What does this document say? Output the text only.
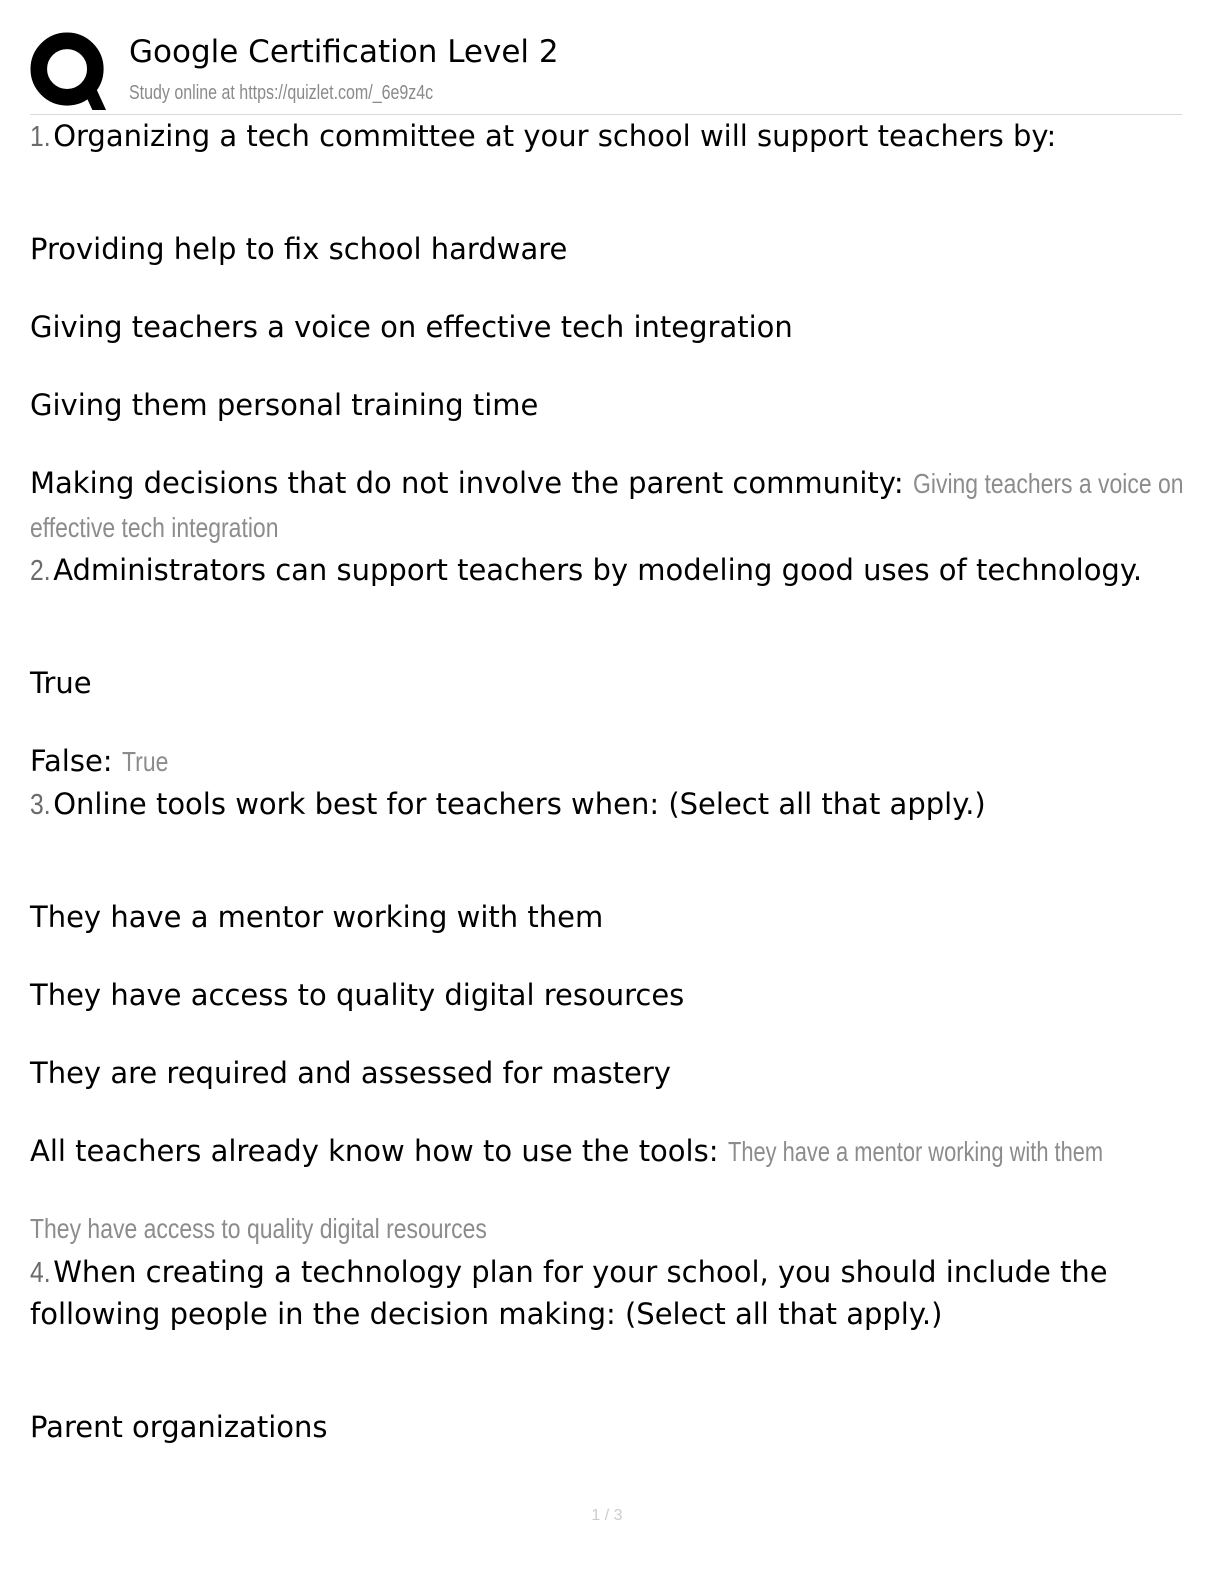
Google Certification Level 2
Study online at https://quizlet.com/_6e9z4c
1.Organizing a tech committee at your school will support teachers by:
Providing help to fix school hardware
Giving teachers a voice on effective tech integration
Giving them personal training time
Making decisions that do not involve the parent community: Giving teachers a voice on
effective tech integration
2.Administrators can support teachers by modeling good uses of technology.
True
False: True
3.Online tools work best for teachers when: (Select all that apply.)
They have a mentor working with them
They have access to quality digital resources
They are required and assessed for mastery
All teachers already know how to use the tools: They have a mentor working with them
They have access to quality digital resources
4.When creating a technology plan for your school, you should include the
following people in the decision making: (Select all that apply.)
Parent organizations
1 / 3
